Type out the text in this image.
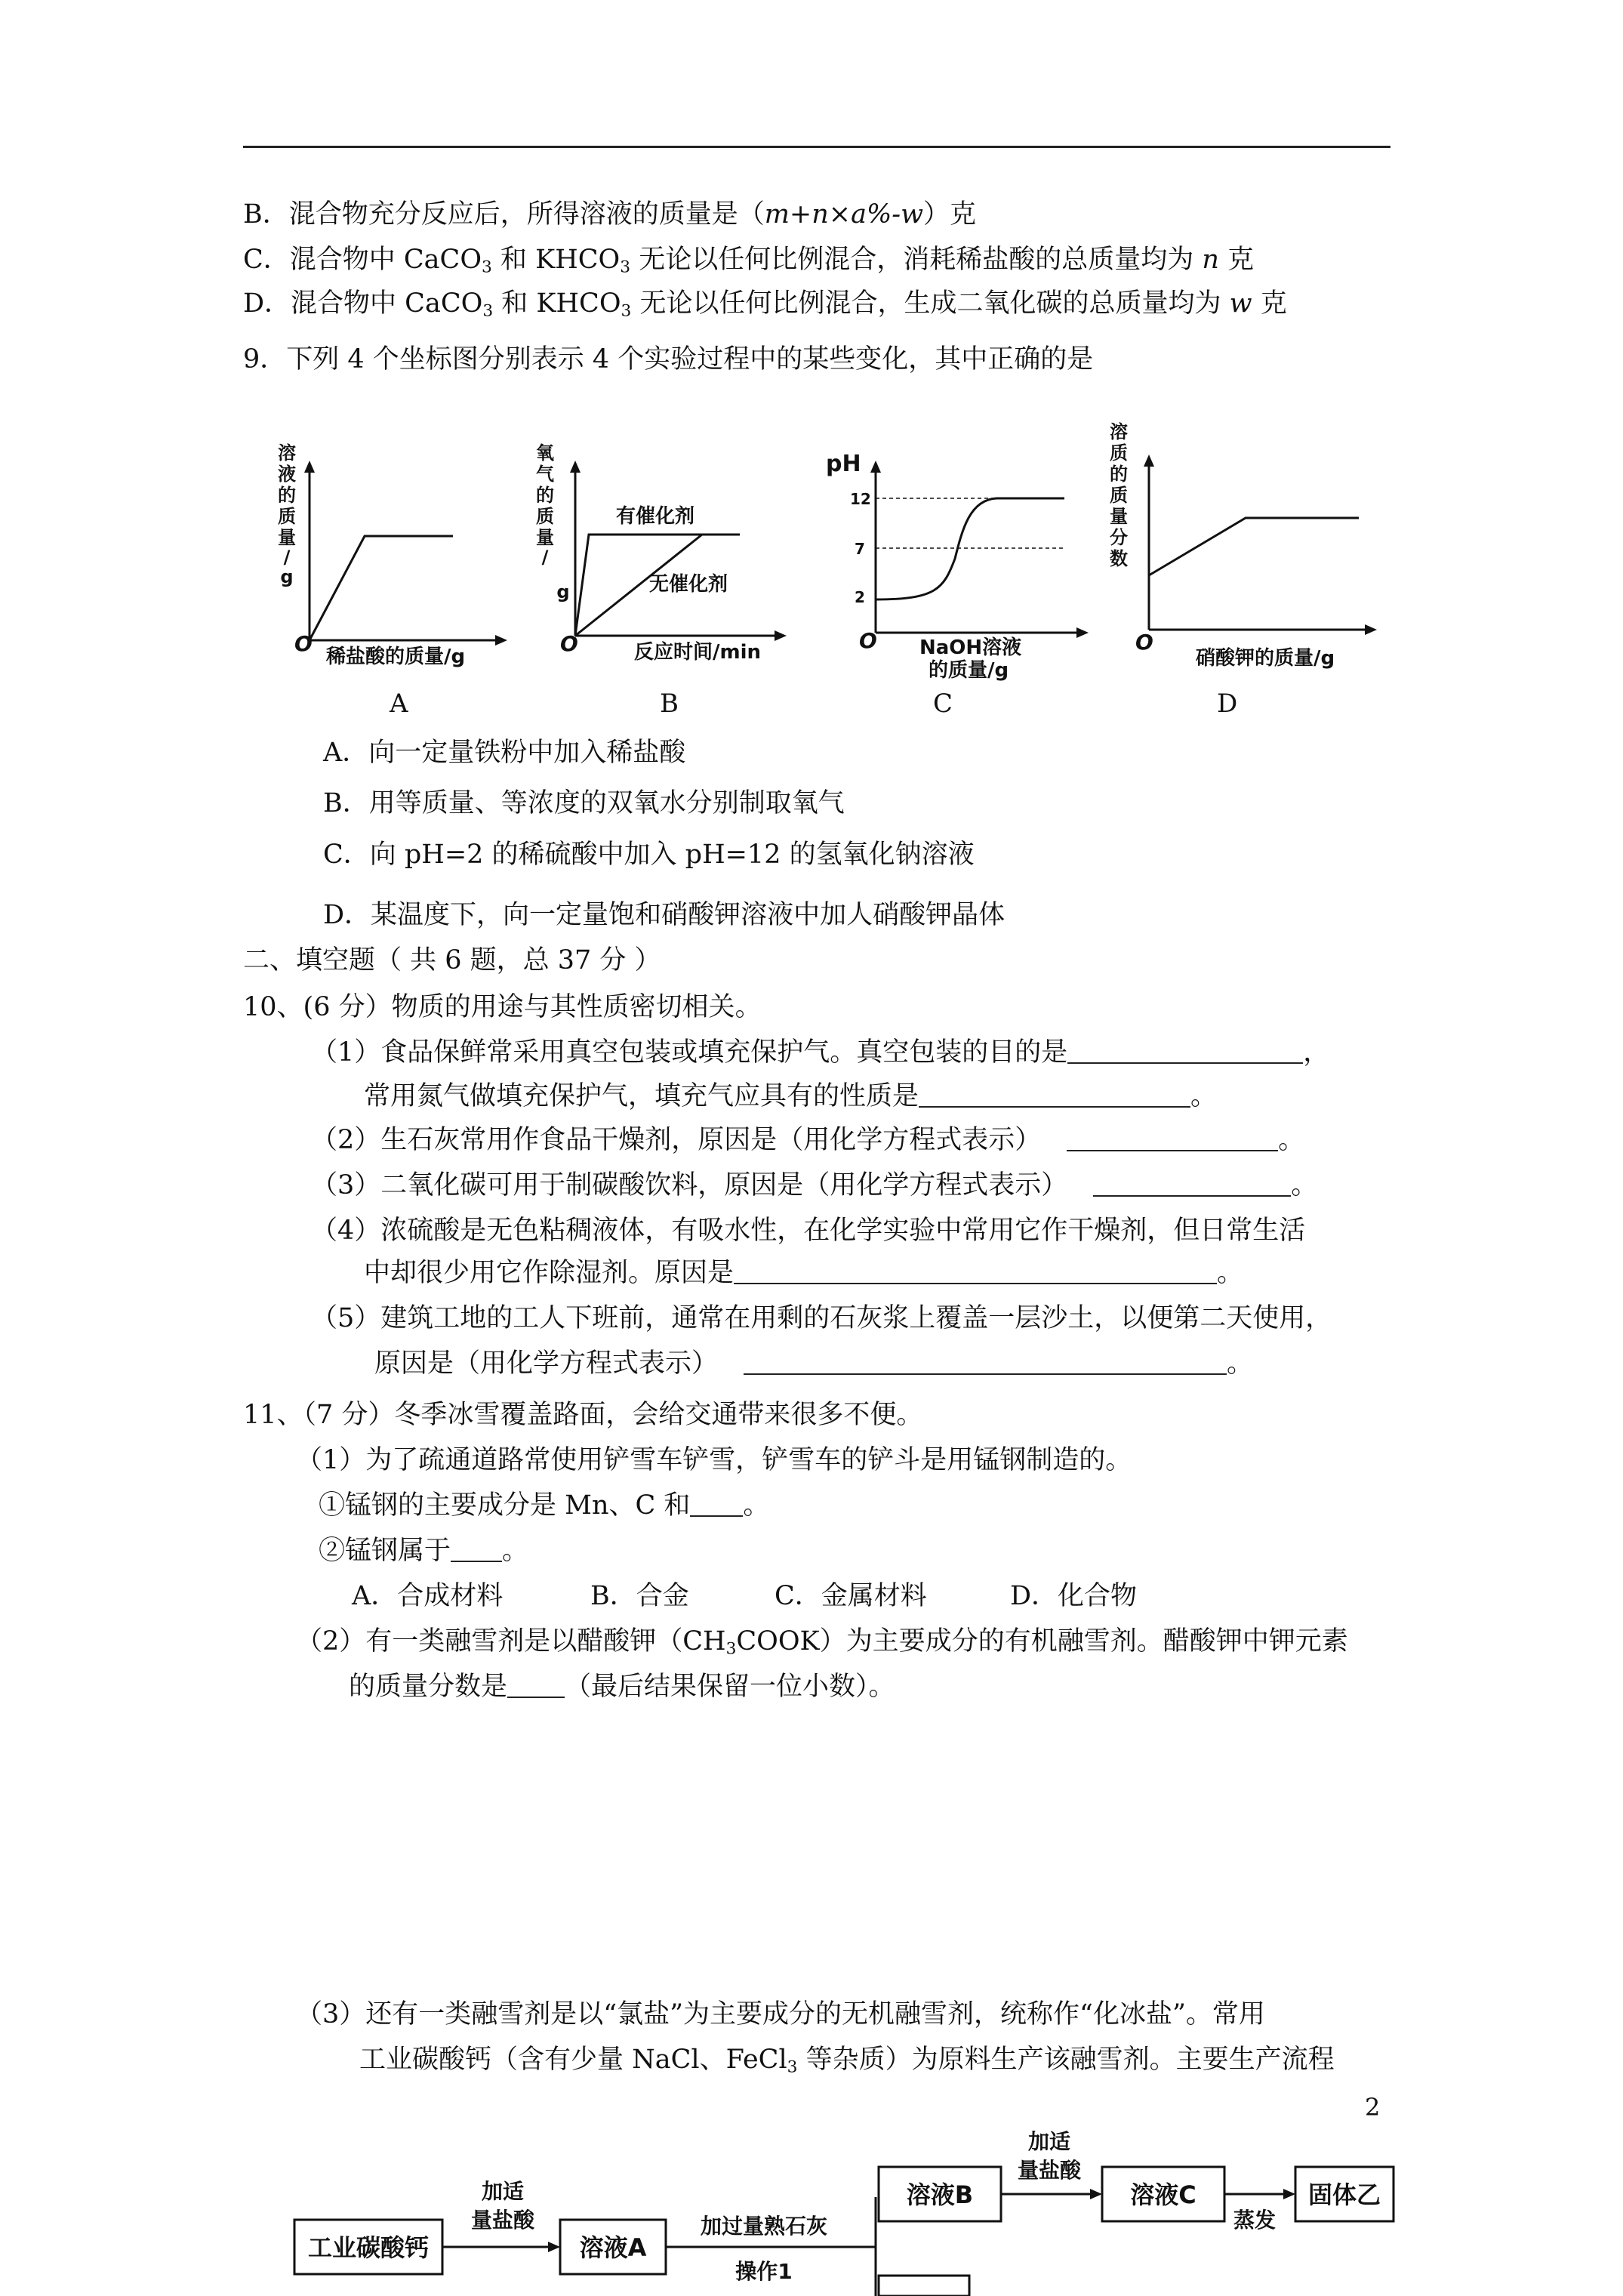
B．混合物充分反应后，所得溶液的质量是（m+n×a%-w）克
C．混合物中 CaCO$_3$ 和 $KHCO_3$ 无论以任何比例混合，消耗稀盐酸的总质量均为 n 克
D．混合物中 CaCO$_3$ 和 $KHCO_3$ 无论以任何比例混合，生成二氧化碳的总质量均为 w 克
9．下列 4 个坐标图分别表示 4 个实验过程中的某些变化，其中正确的是
溶
液
的
质
量
/
g
O
稀盐酸的质量/g
氧
气
的
质
量
/
g
有催化剂
无催化剂
O	反应时间/min
pH
12
7
2
O NaOH溶液
的质量/g
溶
质
的
质
量
分
数
O
硝酸钾的质量/g
A	B	C	D
A．向一定量铁粉中加入稀盐酸
B．用等质量、等浓度的双氧水分别制取氧气
C．向 pH=2 的稀硫酸中加入 pH=12 的氢氧化钠溶液
D．某温度下，向一定量饱和硝酸钾溶液中加人硝酸钾晶体
二、填空题（ 共 6 题，总 37 分 ）
10、(6 分）物质的用途与其性质密切相关。
（1）食品保鲜常采用真空包装或填充保护气。真空包装的目的是	，
常用氮气做填充保护气，填充气应具有的性质是	。
（2）生石灰常用作食品干燥剂，原因是（用化学方程式表示）	。
（3）二氧化碳可用于制碳酸饮料，原因是（用化学方程式表示）	。
（4）浓硫酸是无色粘稠液体，有吸水性，在化学实验中常用它作干燥剂，但日常生活
中却很少用它作除湿剂。原因是	。
（5）建筑工地的工人下班前，通常在用剩的石灰浆上覆盖一层沙土，以便第二天使用，
原因是（用化学方程式表示）	。
11、（7 分）冬季冰雪覆盖路面，会给交通带来很多不便。
（1）为了疏通道路常使用铲雪车铲雪，铲雪车的铲斗是用锰钢制造的。
①锰钢的主要成分是 Mn、C 和 。
②锰钢属于 。
A．合成材料	B．合金	C．金属材料	D．化合物
（2）有一类融雪剂是以醋酸钾$(CH_3COOK)$为主要成分的有机融雪剂。醋酸钾中钾元素
的质量分数是 （最后结果保留一位小数）。
（3）还有一类融雪剂是以“氯盐”为主要成分的无机融雪剂，统称作“化冰盐”。常用
工业碳酸钙（含有少量 NaCl、FeCl$_3$ 等杂质）为原料生产该融雪剂。主要生产流程
2
工业碳酸钙
加适
量盐酸
溶液A
加过量熟石灰
操作1
溶液B
加适
量盐酸
溶液C
蒸发
固体乙
